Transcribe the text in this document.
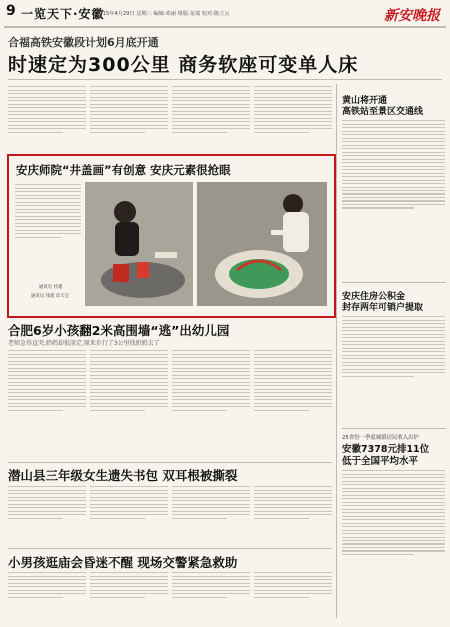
9 一览天下·安徽
2015年4月29日 星期三 编辑:邓丽 组版:龙瑞 校对:陈立云	新安晚报
合福高铁安徽段计划6月底开通
时速定为300公里 商务软座可变单人床
黄山将开通
高铁站至景区交通线
安庆师院“井盖画”有创意 安庆元素很抢眼
通讯员 杜建
通讯员 钱延 章天宝	安庆住房公积金
封存两年可销户提取
合肥6岁小孩翻2米高围墙“逃”出幼儿园
老师急得直哭,奶奶却很淡定,原来步行了3公里找奶奶去了
25省份一季度城镇居民收入出炉
安徽7378元排11位
低于全国平均水平
潜山县三年级女生遗失书包 双耳根被撕裂
小男孩逛庙会昏迷不醒 现场交警紧急救助
